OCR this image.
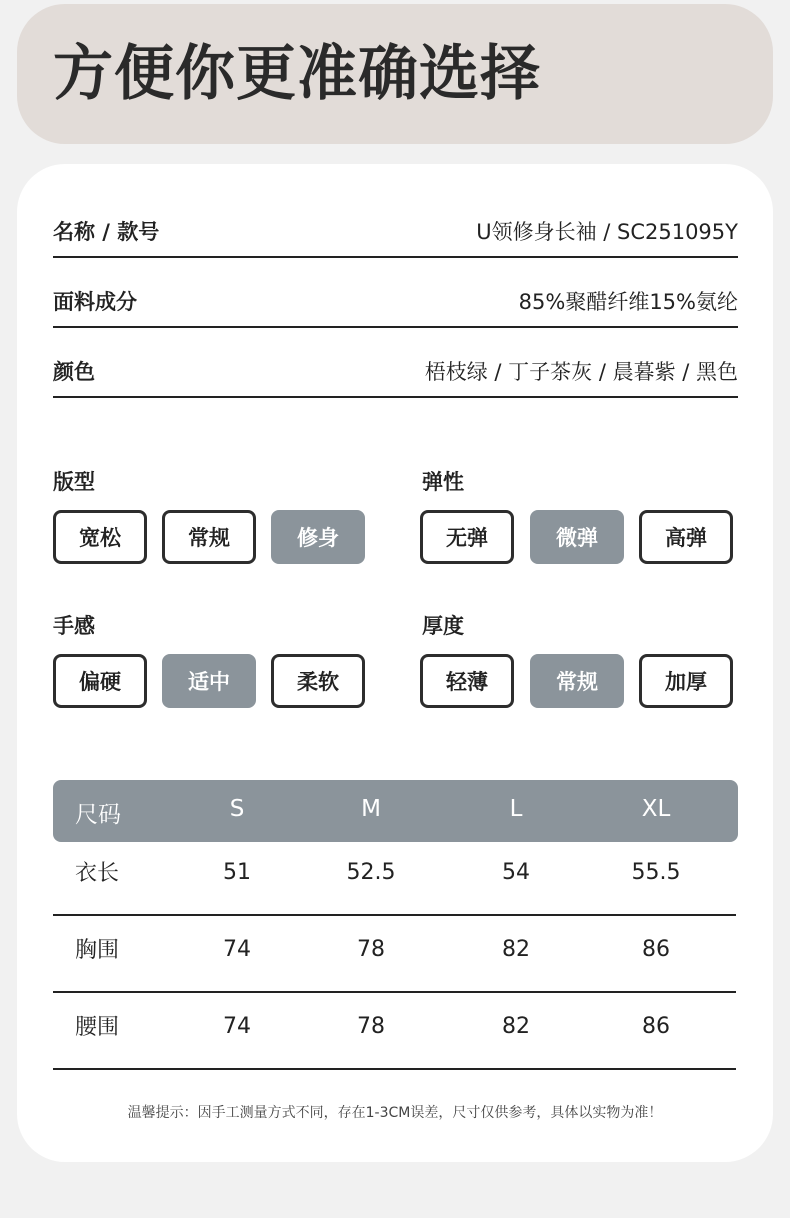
方便你更准确选择
名称 / 款号	U领修身长袖 / SC251095Y
面料成分	85%聚醋纤维15%氨纶
颜色	梧枝绿 / 丁子茶灰 / 晨暮紫 / 黑色
版型	弹性
宽松	常规	修身	无弹	微弹	高弹
手感	厚度
偏硬	适中	柔软	轻薄	常规	加厚
尺码	S	M	L	XL
衣长	51	52.5	54	55.5
胸围	74	78	82	86
腰围	74	78	82	86
温馨提示：因手工测量方式不同，存在1-3CM误差，尺寸仅供参考，具体以实物为准！
